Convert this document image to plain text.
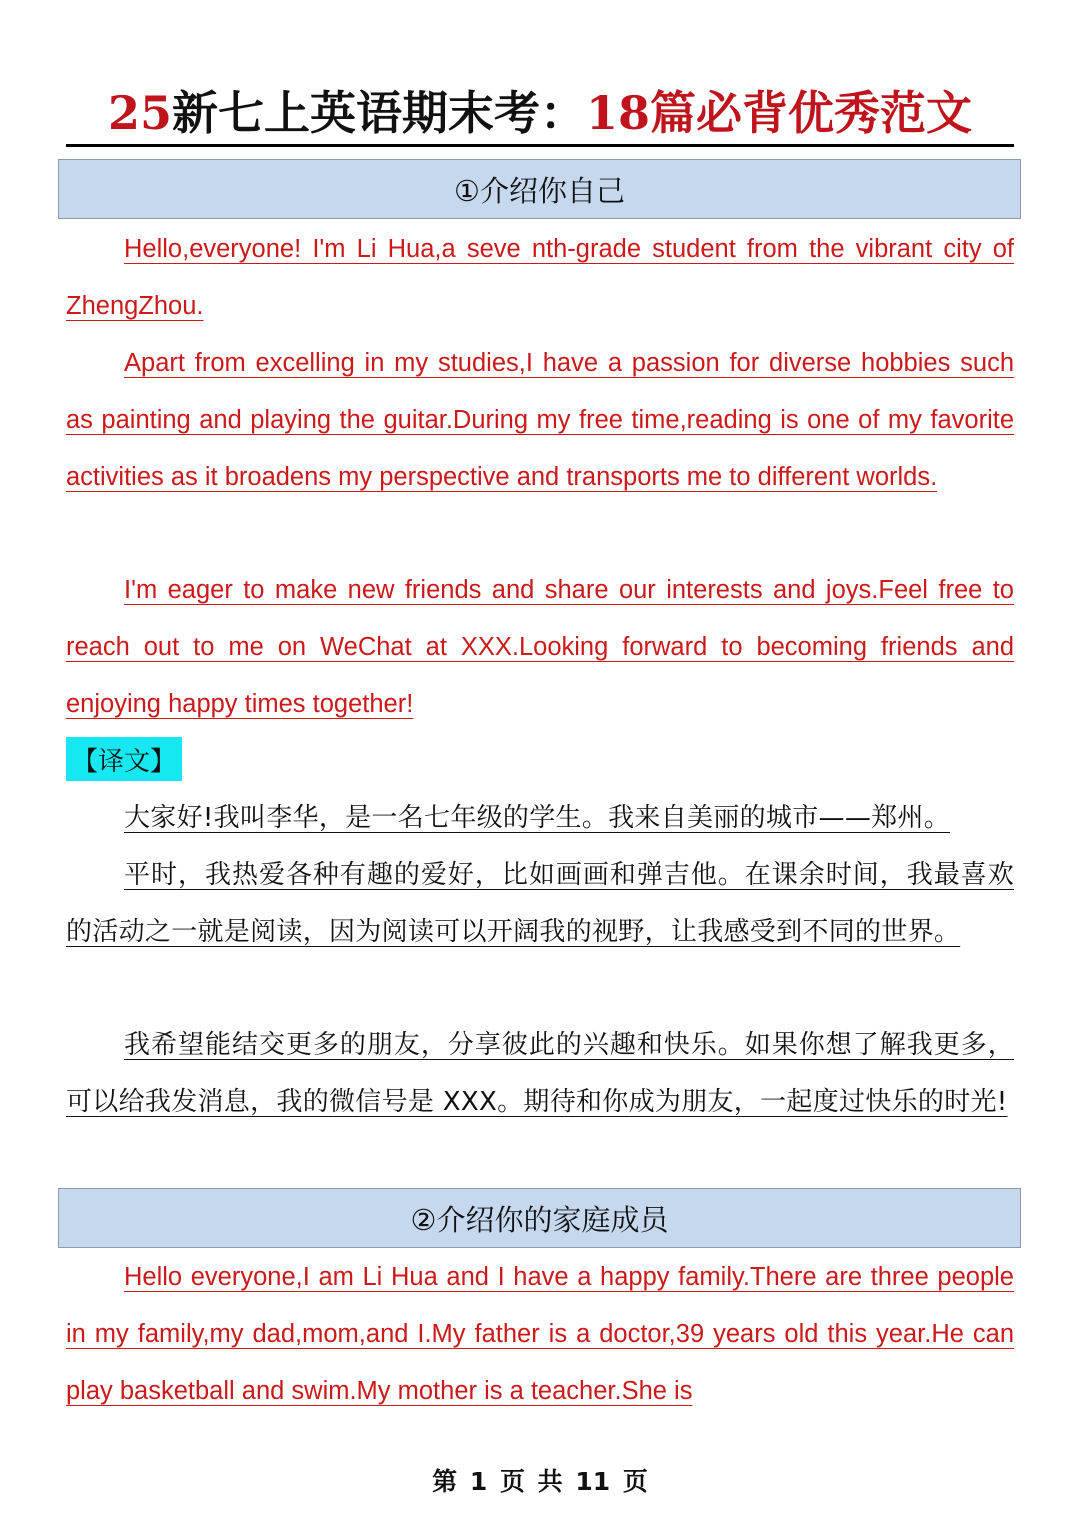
25 新七上英语期末考： 18 篇必背优秀范文
①介绍你自己

Hello,everyone! I'm Li Hua,a seve nth-grade student from the vibrant city of ZhengZhou.

Apart from excelling in my studies,I have a passion for diverse hobbies such as painting and playing the guitar.During my free time,reading is one of my favorite activities as it broadens my perspective and transports me to different worlds.

I'm eager to make new friends and share our interests and joys.Feel free to reach out to me on WeChat at XXX.Looking forward to becoming friends and enjoying happy times together!

【译文】

大家好!我叫李华，是一名七年级的学生。我来自美丽的城市——郑州。

平时，我热爱各种有趣的爱好，比如画画和弹吉他。在课余时间，我最喜欢的活动之一就是阅读，因为阅读可以开阔我的视野，让我感受到不同的世界。

我希望能结交更多的朋友，分享彼此的兴趣和快乐。如果你想了解我更多，可以给我发消息，我的微信号是 XXX。期待和你成为朋友，一起度过快乐的时光!

②介绍你的家庭成员

Hello everyone,I am Li Hua and I have a happy family.There are three people in my family,my dad,mom,and I.My father is a doctor,39 years old this year.He can play basketball and swim.My mother is a teacher.She is

第 1 页 共 11 页
